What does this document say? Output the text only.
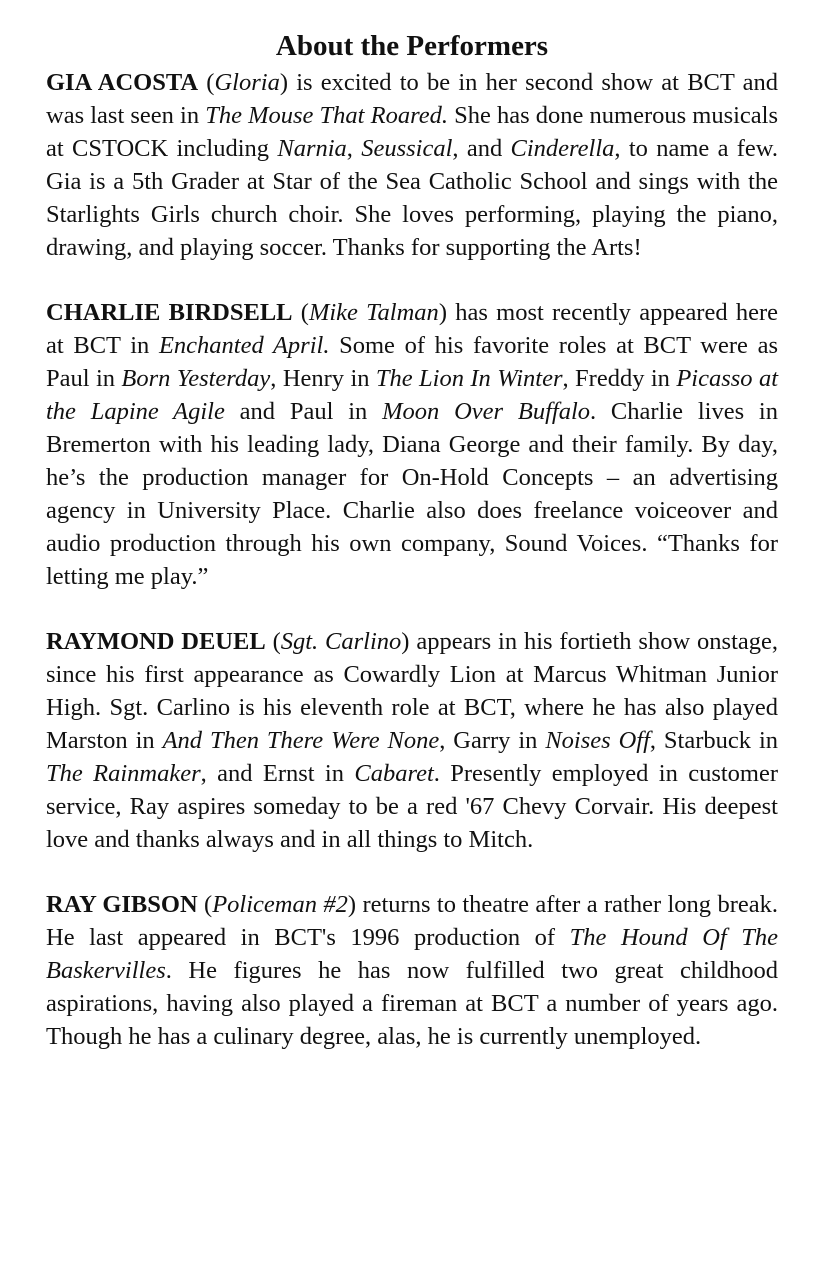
About the Performers

GIA ACOSTA (Gloria) is excited to be in her second show at BCT and was last seen in The Mouse That Roared. She has done numerous musicals at CSTOCK including Narnia, Seussical, and Cinderella, to name a few. Gia is a 5th Grader at Star of the Sea Catholic School and sings with the Starlights Girls church choir. She loves performing, playing the piano, drawing, and playing soccer. Thanks for supporting the Arts!

CHARLIE BIRDSELL (Mike Talman) has most recently appeared here at BCT in Enchanted April. Some of his favorite roles at BCT were as Paul in Born Yesterday, Henry in The Lion In Winter, Freddy in Picasso at the Lapine Agile and Paul in Moon Over Buffalo. Charlie lives in Bremerton with his leading lady, Diana George and their family. By day, he’s the production manager for On-Hold Concepts – an advertising agency in University Place. Charlie also does freelance voiceover and audio production through his own company, Sound Voices. “Thanks for letting me play.”

RAYMOND DEUEL (Sgt. Carlino) appears in his fortieth show onstage, since his first appearance as Cowardly Lion at Marcus Whitman Junior High. Sgt. Carlino is his eleventh role at BCT, where he has also played Marston in And Then There Were None, Garry in Noises Off, Starbuck in The Rainmaker, and Ernst in Cabaret. Presently employed in customer service, Ray aspires someday to be a red '67 Chevy Corvair. His deepest love and thanks always and in all things to Mitch.

RAY GIBSON (Policeman #2) returns to theatre after a rather long break. He last appeared in BCT's 1996 production of The Hound Of The Baskervilles. He figures he has now fulfilled two great childhood aspirations, having also played a fireman at BCT a number of years ago. Though he has a culinary degree, alas, he is currently unemployed.
